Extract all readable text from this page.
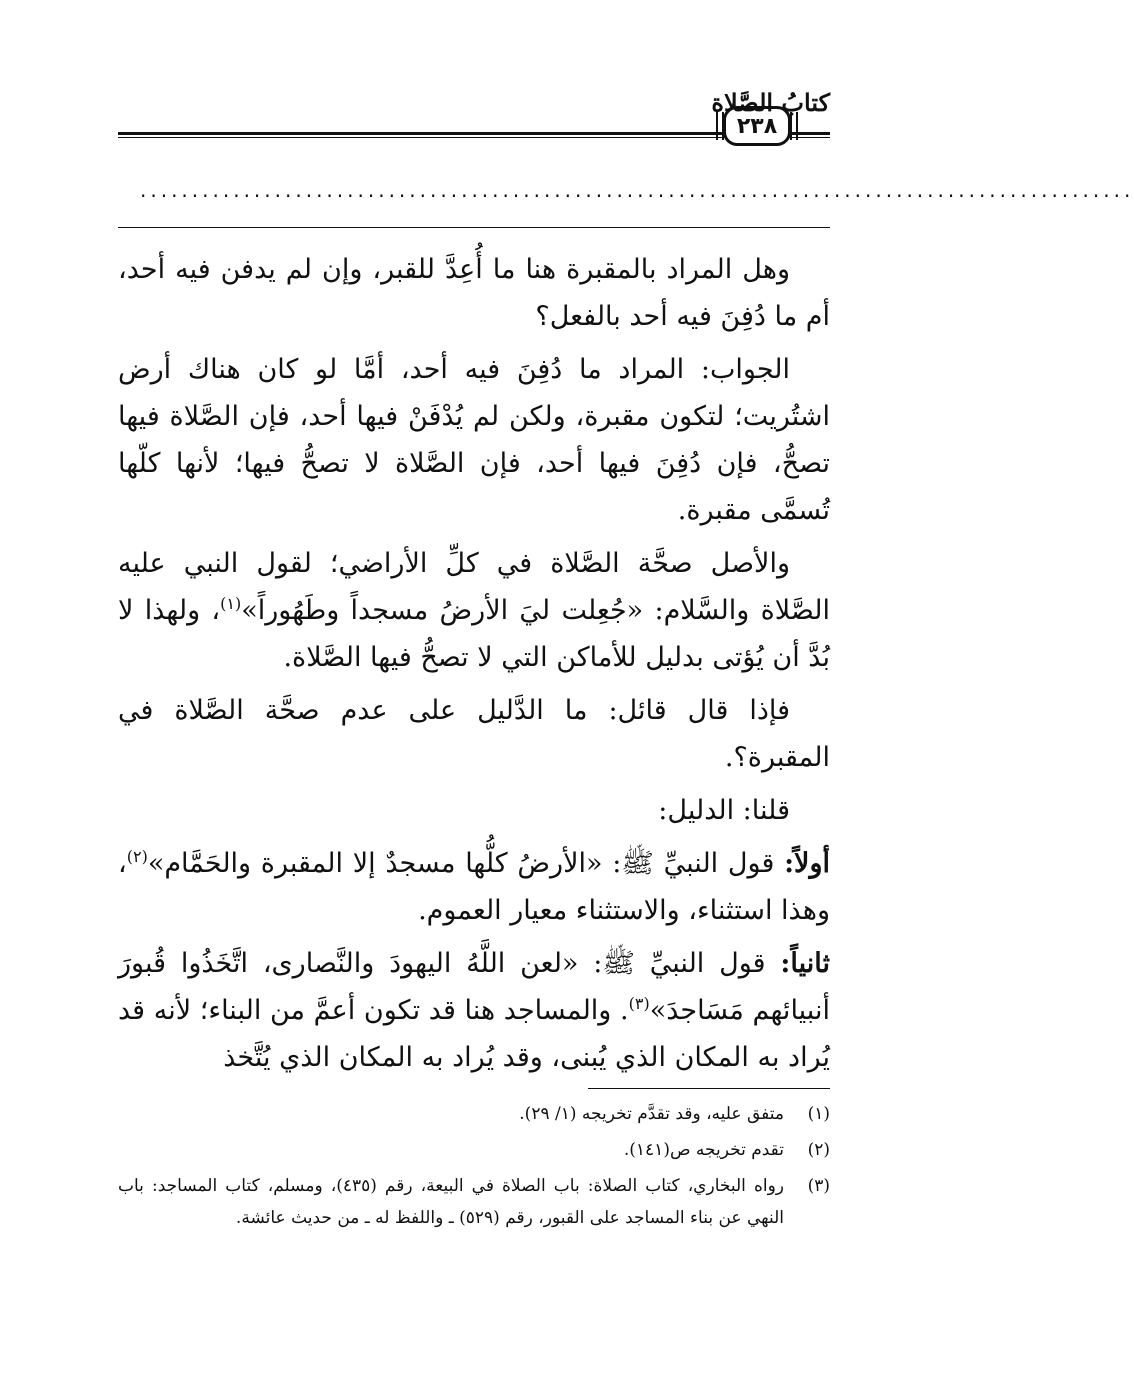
٢٣٨
كتابُ الصَّلاة
................................................................................................

وهل المراد بالمقبرة هنا ما أُعِدَّ للقبر، وإن لم يدفن فيه أحد، أم ما دُفِنَ فيه أحد بالفعل؟

الجواب: المراد ما دُفِنَ فيه أحد، أمَّا لو كان هناك أرض اشتُريت؛ لتكون مقبرة، ولكن لم يُدْفَنْ فيها أحد، فإن الصَّلاة فيها تصحُّ، فإن دُفِنَ فيها أحد، فإن الصَّلاة لا تصحُّ فيها؛ لأنها كلّها تُسمَّى مقبرة.

والأصل صحَّة الصَّلاة في كلِّ الأراضي؛ لقول النبي عليه الصَّلاة والسَّلام: «جُعِلت ليَ الأرضُ مسجداً وطَهُوراً»$^{(١)}$، ولهذا لا بُدَّ أن يُؤتى بدليل للأماكن التي لا تصحُّ فيها الصَّلاة.

فإذا قال قائل: ما الدَّليل على عدم صحَّة الصَّلاة في المقبرة؟.

قلنا: الدليل:

أولاً: قول النبيِّ ﷺ: «الأرضُ كلُّها مسجدٌ إلا المقبرة والحَمَّام»$^{(٢)}$، وهذا استثناء، والاستثناء معيار العموم.

ثانياً: قول النبيِّ ﷺ: «لعن اللَّهُ اليهودَ والنَّصارى، اتَّخَذُوا قُبورَ أنبيائهم مَسَاجدَ»$^{(٣)}$. والمساجد هنا قد تكون أعمَّ من البناء؛ لأنه قد يُراد به المكان الذي يُبنى، وقد يُراد به المكان الذي يُتَّخذ

(١)
متفق عليه، وقد تقدَّم تخريجه (١/ ٢٩).
(٢)
تقدم تخريجه ص(١٤١).
(٣)
رواه البخاري، كتاب الصلاة: باب الصلاة في البيعة، رقم (٤٣٥)، ومسلم، كتاب المساجد: باب النهي عن بناء المساجد على القبور، رقم (٥٢٩) ـ واللفظ له ـ من حديث عائشة.
